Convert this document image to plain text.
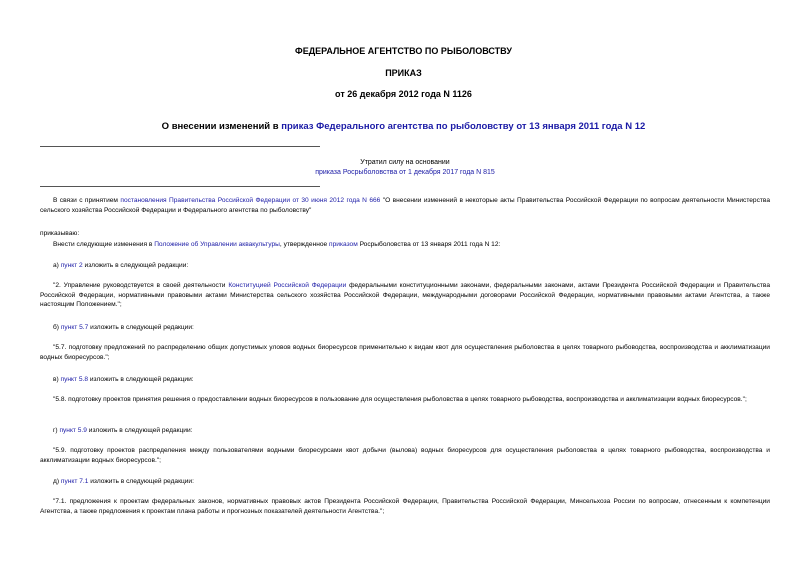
ФЕДЕРАЛЬНОЕ АГЕНТСТВО ПО РЫБОЛОВСТВУ
ПРИКАЗ
от 26 декабря 2012 года N 1126
О внесении изменений в приказ Федерального агентства по рыболовству от 13 января 2011 года N 12
Утратил силу на основании
приказа Росрыболовства от 1 декабря 2017 года N 815
В связи с принятием постановления Правительства Российской Федерации от 30 июня 2012 года N 666 "О внесении изменений в некоторые акты Правительства Российской Федерации по вопросам деятельности Министерства сельского хозяйства Российской Федерации и Федерального агентства по рыболовству"
приказываю:
Внести следующие изменения в Положение об Управлении аквакультуры, утвержденное приказом Росрыболовства от 13 января 2011 года N 12:
а) пункт 2 изложить в следующей редакции:
"2. Управление руководствуется в своей деятельности Конституцией Российской Федерации федеральными конституционными законами, федеральными законами, актами Президента Российской Федерации и Правительства Российской Федерации, нормативными правовыми актами Министерства сельского хозяйства Российской Федерации, международными договорами Российской Федерации, нормативными правовыми актами Агентства, а также настоящим Положением.";
б) пункт 5.7 изложить в следующей редакции:
"5.7. подготовку предложений по распределению общих допустимых уловов водных биоресурсов применительно к видам квот для осуществления рыболовства в целях товарного рыбоводства, воспроизводства и акклиматизации водных биоресурсов.";
в) пункт 5.8 изложить в следующей редакции:
"5.8. подготовку проектов принятия решения о предоставлении водных биоресурсов в пользование для осуществления рыболовства в целях товарного рыбоводства, воспроизводства и акклиматизации водных биоресурсов.";
г) пункт 5.9 изложить в следующей редакции:
"5.9. подготовку проектов распределения между пользователями водными биоресурсами квот добычи (вылова) водных биоресурсов для осуществления рыболовства в целях товарного рыбоводства, воспроизводства и акклиматизации водных биоресурсов.";
д) пункт 7.1 изложить в следующей редакции:
"7.1. предложения к проектам федеральных законов, нормативных правовых актов Президента Российской Федерации, Правительства Российской Федерации, Минсельхоза России по вопросам, отнесенным к компетенции Агентства, а также предложения к проектам плана работы и прогнозных показателей деятельности Агентства.";
